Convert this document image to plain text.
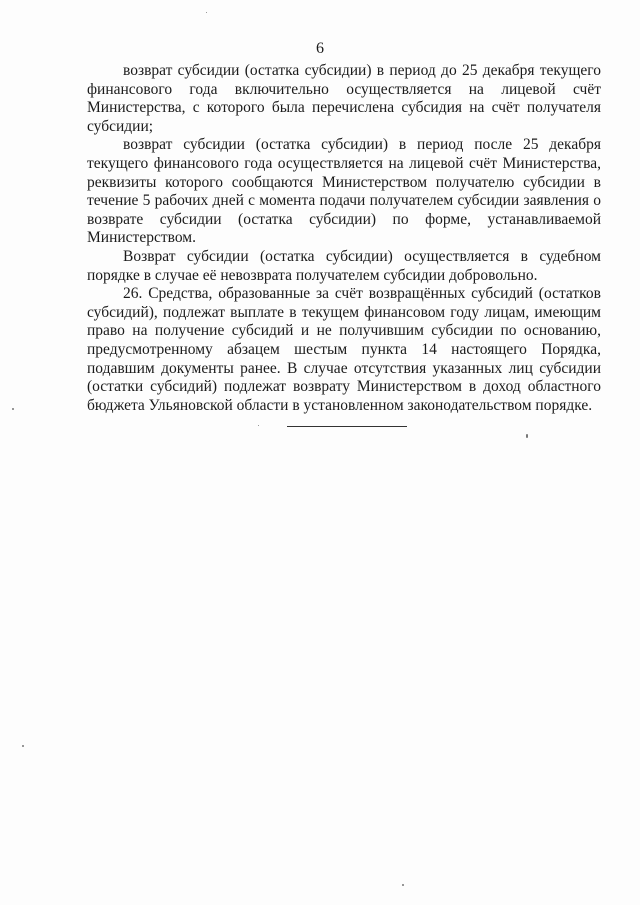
6

возврат субсидии (остатка субсидии) в период до 25 декабря текущего финансового года включительно осуществляется на лицевой счёт Министерства, с которого была перечислена субсидия на счёт получателя субсидии;

возврат субсидии (остатка субсидии) в период после 25 декабря текущего финансового года осуществляется на лицевой счёт Министерства, реквизиты которого сообщаются Министерством получателю субсидии в течение 5 рабочих дней с момента подачи получателем субсидии заявления о возврате субсидии (остатка субсидии) по форме, устанавливаемой Министерством.

Возврат субсидии (остатка субсидии) осуществляется в судебном порядке в случае её невозврата получателем субсидии добровольно.

26. Средства, образованные за счёт возвращённых субсидий (остатков субсидий), подлежат выплате в текущем финансовом году лицам, имеющим право на получение субсидий и не получившим субсидии по основанию, предусмотренному абзацем шестым пункта 14 настоящего Порядка, подавшим документы ранее. В случае отсутствия указанных лиц субсидии (остатки субсидий) подлежат возврату Министерством в доход областного бюджета Ульяновской области в установленном законодательством порядке.
